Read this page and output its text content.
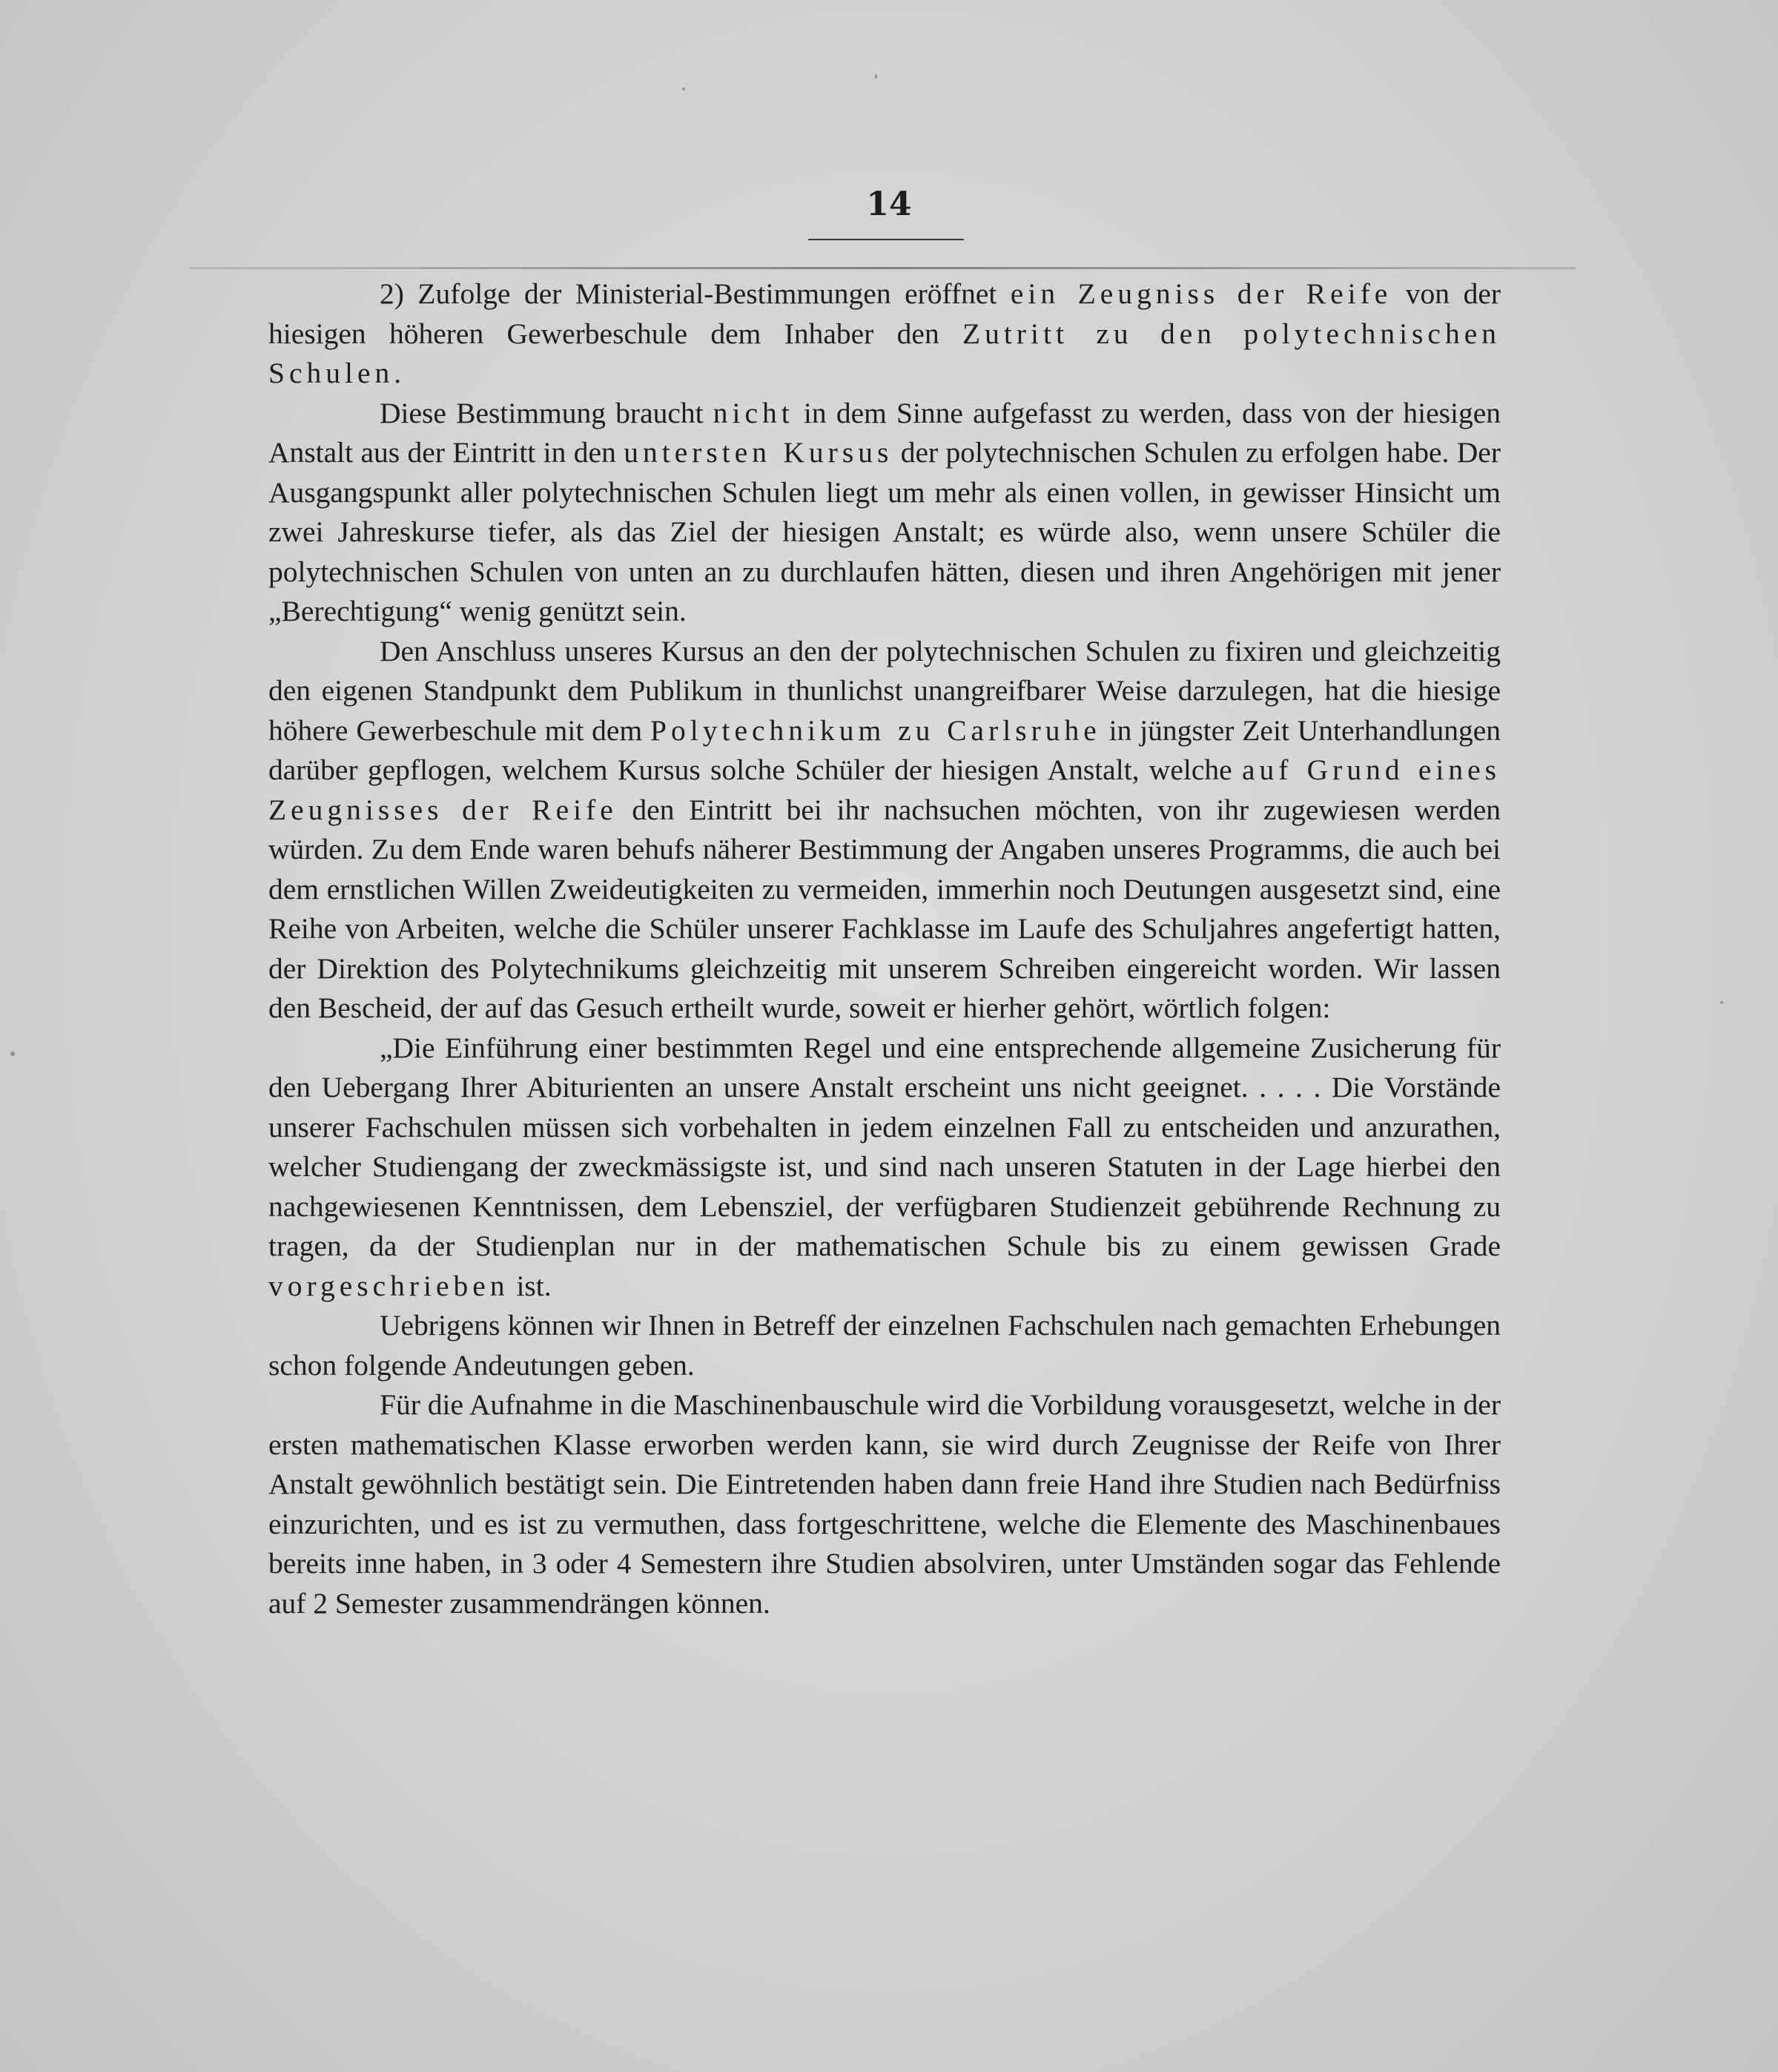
14

2) Zufolge der Ministerial-Bestimmungen eröffnet ein Zeugniss der Reife von der hiesigen höheren Gewerbeschule dem Inhaber den Zutritt zu den polytechnischen Schulen.

Diese Bestimmung braucht nicht in dem Sinne aufgefasst zu werden, dass von der hiesigen Anstalt aus der Eintritt in den untersten Kursus der polytechnischen Schulen zu erfolgen habe. Der Ausgangspunkt aller polytechnischen Schulen liegt um mehr als einen vollen, in gewisser Hinsicht um zwei Jahreskurse tiefer, als das Ziel der hiesigen Anstalt; es würde also, wenn unsere Schüler die polytechnischen Schulen von unten an zu durchlaufen hätten, diesen und ihren Angehörigen mit jener „Berechtigung“ wenig genützt sein.

Den Anschluss unseres Kursus an den der polytechnischen Schulen zu fixiren und gleichzeitig den eigenen Standpunkt dem Publikum in thunlichst unangreifbarer Weise darzulegen, hat die hiesige höhere Gewerbeschule mit dem Polytechnikum zu Carlsruhe in jüngster Zeit Unterhandlungen darüber gepflogen, welchem Kursus solche Schüler der hiesigen Anstalt, welche auf Grund eines Zeugnisses der Reife den Eintritt bei ihr nachsuchen möchten, von ihr zugewiesen werden würden. Zu dem Ende waren behufs näherer Bestimmung der Angaben unseres Programms, die auch bei dem ernstlichen Willen Zweideutigkeiten zu vermeiden, immerhin noch Deutungen ausgesetzt sind, eine Reihe von Arbeiten, welche die Schüler unserer Fachklasse im Laufe des Schuljahres angefertigt hatten, der Direktion des Polytechnikums gleichzeitig mit unserem Schreiben eingereicht worden. Wir lassen den Bescheid, der auf das Gesuch ertheilt wurde, soweit er hierher gehört, wörtlich folgen:

„Die Einführung einer bestimmten Regel und eine entsprechende allgemeine Zusicherung für den Uebergang Ihrer Abiturienten an unsere Anstalt erscheint uns nicht geeignet. . . . . Die Vorstände unserer Fachschulen müssen sich vorbehalten in jedem einzelnen Fall zu entscheiden und anzurathen, welcher Studiengang der zweckmässigste ist, und sind nach unseren Statuten in der Lage hierbei den nachgewiesenen Kenntnissen, dem Lebensziel, der verfügbaren Studienzeit gebührende Rechnung zu tragen, da der Studienplan nur in der mathematischen Schule bis zu einem gewissen Grade vorgeschrieben ist.

Uebrigens können wir Ihnen in Betreff der einzelnen Fachschulen nach gemachten Erhebungen schon folgende Andeutungen geben.

Für die Aufnahme in die Maschinenbauschule wird die Vorbildung vorausgesetzt, welche in der ersten mathematischen Klasse erworben werden kann, sie wird durch Zeugnisse der Reife von Ihrer Anstalt gewöhnlich bestätigt sein. Die Eintretenden haben dann freie Hand ihre Studien nach Bedürfniss einzurichten, und es ist zu vermuthen, dass fortgeschrittene, welche die Elemente des Maschinenbaues bereits inne haben, in 3 oder 4 Semestern ihre Studien absolviren, unter Umständen sogar das Fehlende auf 2 Semester zusammendrängen können.
